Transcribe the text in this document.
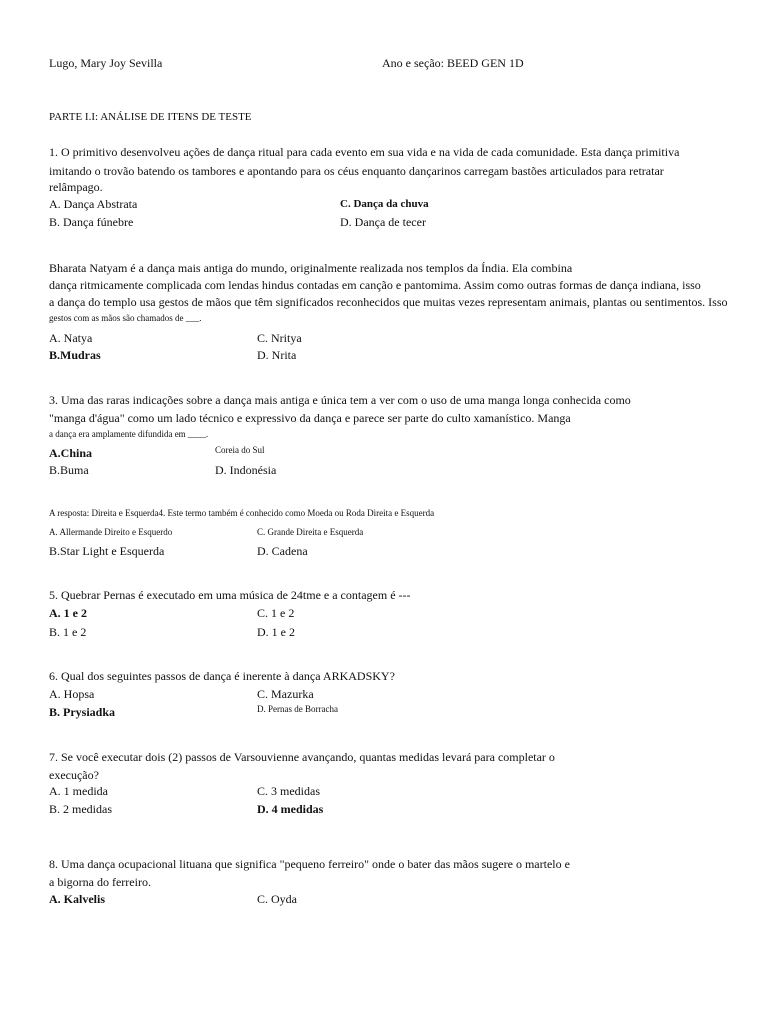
Lugo, Mary Joy Sevilla	Ano e seção: BEED GEN 1D
PARTE I.I: ANÁLISE DE ITENS DE TESTE
1. O primitivo desenvolveu ações de dança ritual para cada evento em sua vida e na vida de cada comunidade. Esta dança primitiva
imitando o trovão batendo os tambores e apontando para os céus enquanto dançarinos carregam bastões articulados para retratar
relâmpago.
A. Dança Abstrata	C. Dança da chuva
B. Dança fúnebre	D. Dança de tecer
Bharata Natyam é a dança mais antiga do mundo, originalmente realizada nos templos da Índia. Ela combina
dança ritmicamente complicada com lendas hindus contadas em canção e pantomima. Assim como outras formas de dança indiana, isso
a dança do templo usa gestos de mãos que têm significados reconhecidos que muitas vezes representam animais, plantas ou sentimentos. Isso
gestos com as mãos são chamados de ___.
A. Natya	C. Nritya
B.Mudras	D. Nrita
3. Uma das raras indicações sobre a dança mais antiga e única tem a ver com o uso de uma manga longa conhecida como
"manga d'água" como um lado técnico e expressivo da dança e parece ser parte do culto xamanístico. Manga
a dança era amplamente difundida em ____.
A.China	Coreia do Sul
B.Buma	D. Indonésia
A resposta: Direita e Esquerda4. Este termo também é conhecido como Moeda ou Roda Direita e Esquerda
A. Allermande Direito e Esquerdo	C. Grande Direita e Esquerda
B.Star Light e Esquerda	D. Cadena
5. Quebrar Pernas é executado em uma música de 24tme e a contagem é ---
A. 1 e 2	C. 1 e 2
B. 1 e 2	D. 1 e 2
6. Qual dos seguintes passos de dança é inerente à dança ARKADSKY?
A. Hopsa	C. Mazurka
B. Prysiadka	D. Pernas de Borracha
7. Se você executar dois (2) passos de Varsouvienne avançando, quantas medidas levará para completar o
execução?
A. 1 medida	C. 3 medidas
B. 2 medidas	D. 4 medidas
8. Uma dança ocupacional lituana que significa "pequeno ferreiro" onde o bater das mãos sugere o martelo e
a bigorna do ferreiro.
A. Kalvelis	C. Oyda
